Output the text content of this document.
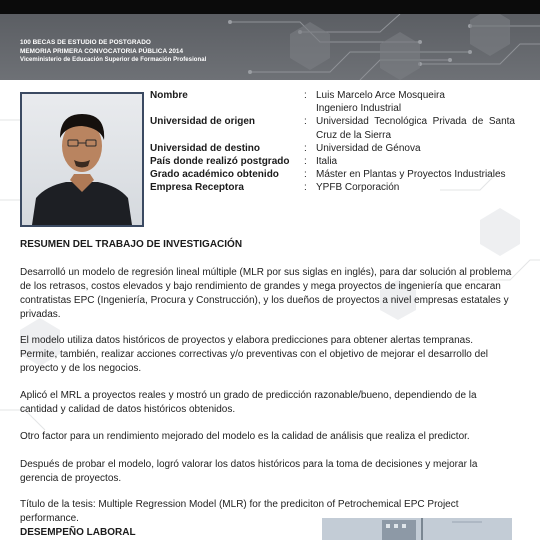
100 BECAS DE ESTUDIO DE POSTGRADO
MEMORIA PRIMERA CONVOCATORIA PÚBLICA 2014
Viceministerio de Educación Superior de Formación Profesional
Nombre	: Luis Marcelo Arce Mosqueira
Ingeniero Industrial
Universidad de origen	: Universidad Tecnológica Privada de Santa Cruz de la Sierra
Universidad de destino	: Universidad de Génova
País donde realizó postgrado	: Italia
Grado académico obtenido	: Máster en Plantas y Proyectos Industriales
Empresa Receptora	: YPFB Corporación
RESUMEN DEL TRABAJO DE INVESTIGACIÓN
Desarrolló un modelo de regresión lineal múltiple (MLR por sus siglas en inglés), para dar solución al problema de los retrasos, costos elevados y bajo rendimiento de grandes y mega proyectos de ingeniería que encaran contratistas EPC (Ingeniería, Procura y Construcción), y los dueños de proyectos a nivel empresas estatales y privadas.
El modelo utiliza datos históricos de proyectos y elabora predicciones para obtener alertas tempranas. Permite, también, realizar acciones correctivas y/o preventivas con el objetivo de mejorar el desarrollo del proyecto y de los negocios.
Aplicó el MRL a proyectos reales y mostró un grado de predicción razonable/bueno, dependiendo de la cantidad y calidad de datos históricos obtenidos.
Otro factor para un rendimiento mejorado del modelo es la calidad de análisis que realiza el predictor.
Después de probar el modelo, logró valorar los datos históricos para la toma de decisiones y mejorar la gerencia de proyectos.
Título de la tesis: Multiple Regression Model (MLR) for the prediciton of Petrochemical EPC Project performance.
DESEMPEÑO LABORAL
